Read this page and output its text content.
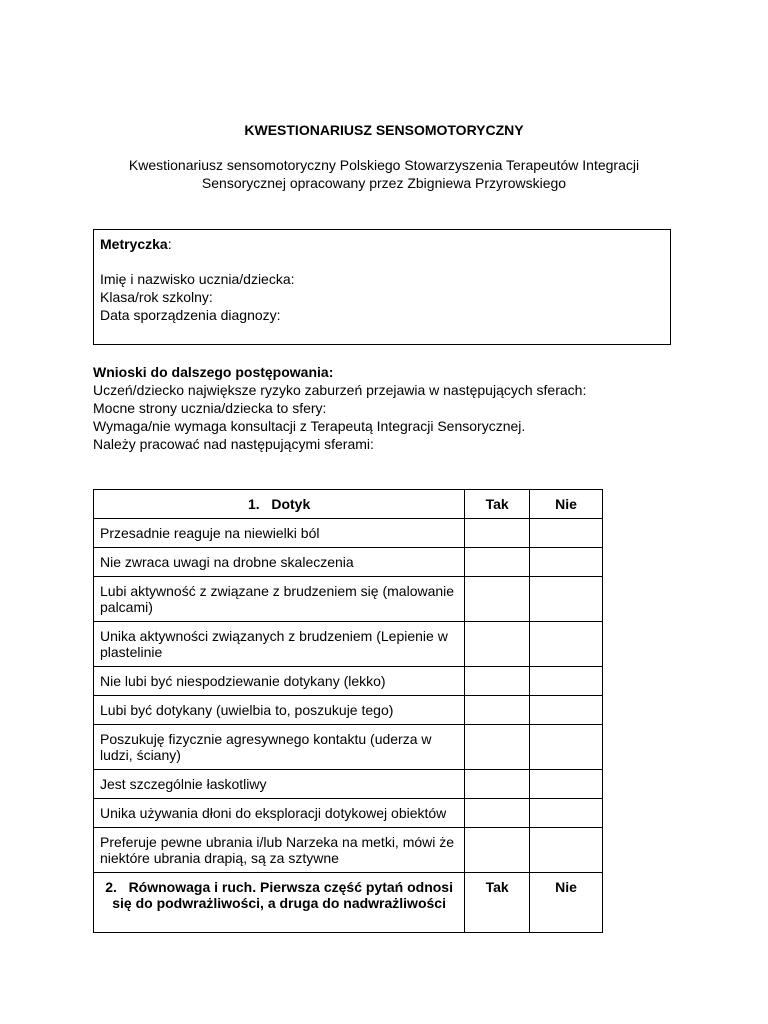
KWESTIONARIUSZ SENSOMOTORYCZNY
Kwestionariusz sensomotoryczny Polskiego Stowarzyszenia Terapeutów Integracji Sensorycznej opracowany przez Zbigniewa Przyrowskiego
Metryczka:
Imię i nazwisko ucznia/dziecka:
Klasa/rok szkolny:
Data sporządzenia diagnozy:
Wnioski do dalszego postępowania:
Uczeń/dziecko największe ryzyko zaburzeń przejawia w następujących sferach:
Mocne strony ucznia/dziecka to sfery:
Wymaga/nie wymaga konsultacji z Terapeutą Integracji Sensorycznej.
Należy pracować nad następującymi sferami:
1. Dotyk	Tak	Nie
Przesadnie reaguje na niewielki ból		
Nie zwraca uwagi na drobne skaleczenia		
Lubi aktywność z związane z brudzeniem się (malowanie palcami)		
Unika aktywności związanych z brudzeniem (Lepienie w plastelinie		
Nie lubi być niespodziewanie dotykany (lekko)		
Lubi być dotykany (uwielbia to, poszukuje tego)		
Poszukuję fizycznie agresywnego kontaktu (uderza w ludzi, ściany)		
Jest szczególnie łaskotliwy		
Unika używania dłoni do eksploracji dotykowej obiektów		
Preferuje pewne ubrania i/lub Narzeka na metki, mówi że niektóre ubrania drapią, są za sztywne		
2. Równowaga i ruch. Pierwsza część pytań odnosi się do podwrażliwości, a druga do nadwrażliwości	Tak	Nie
